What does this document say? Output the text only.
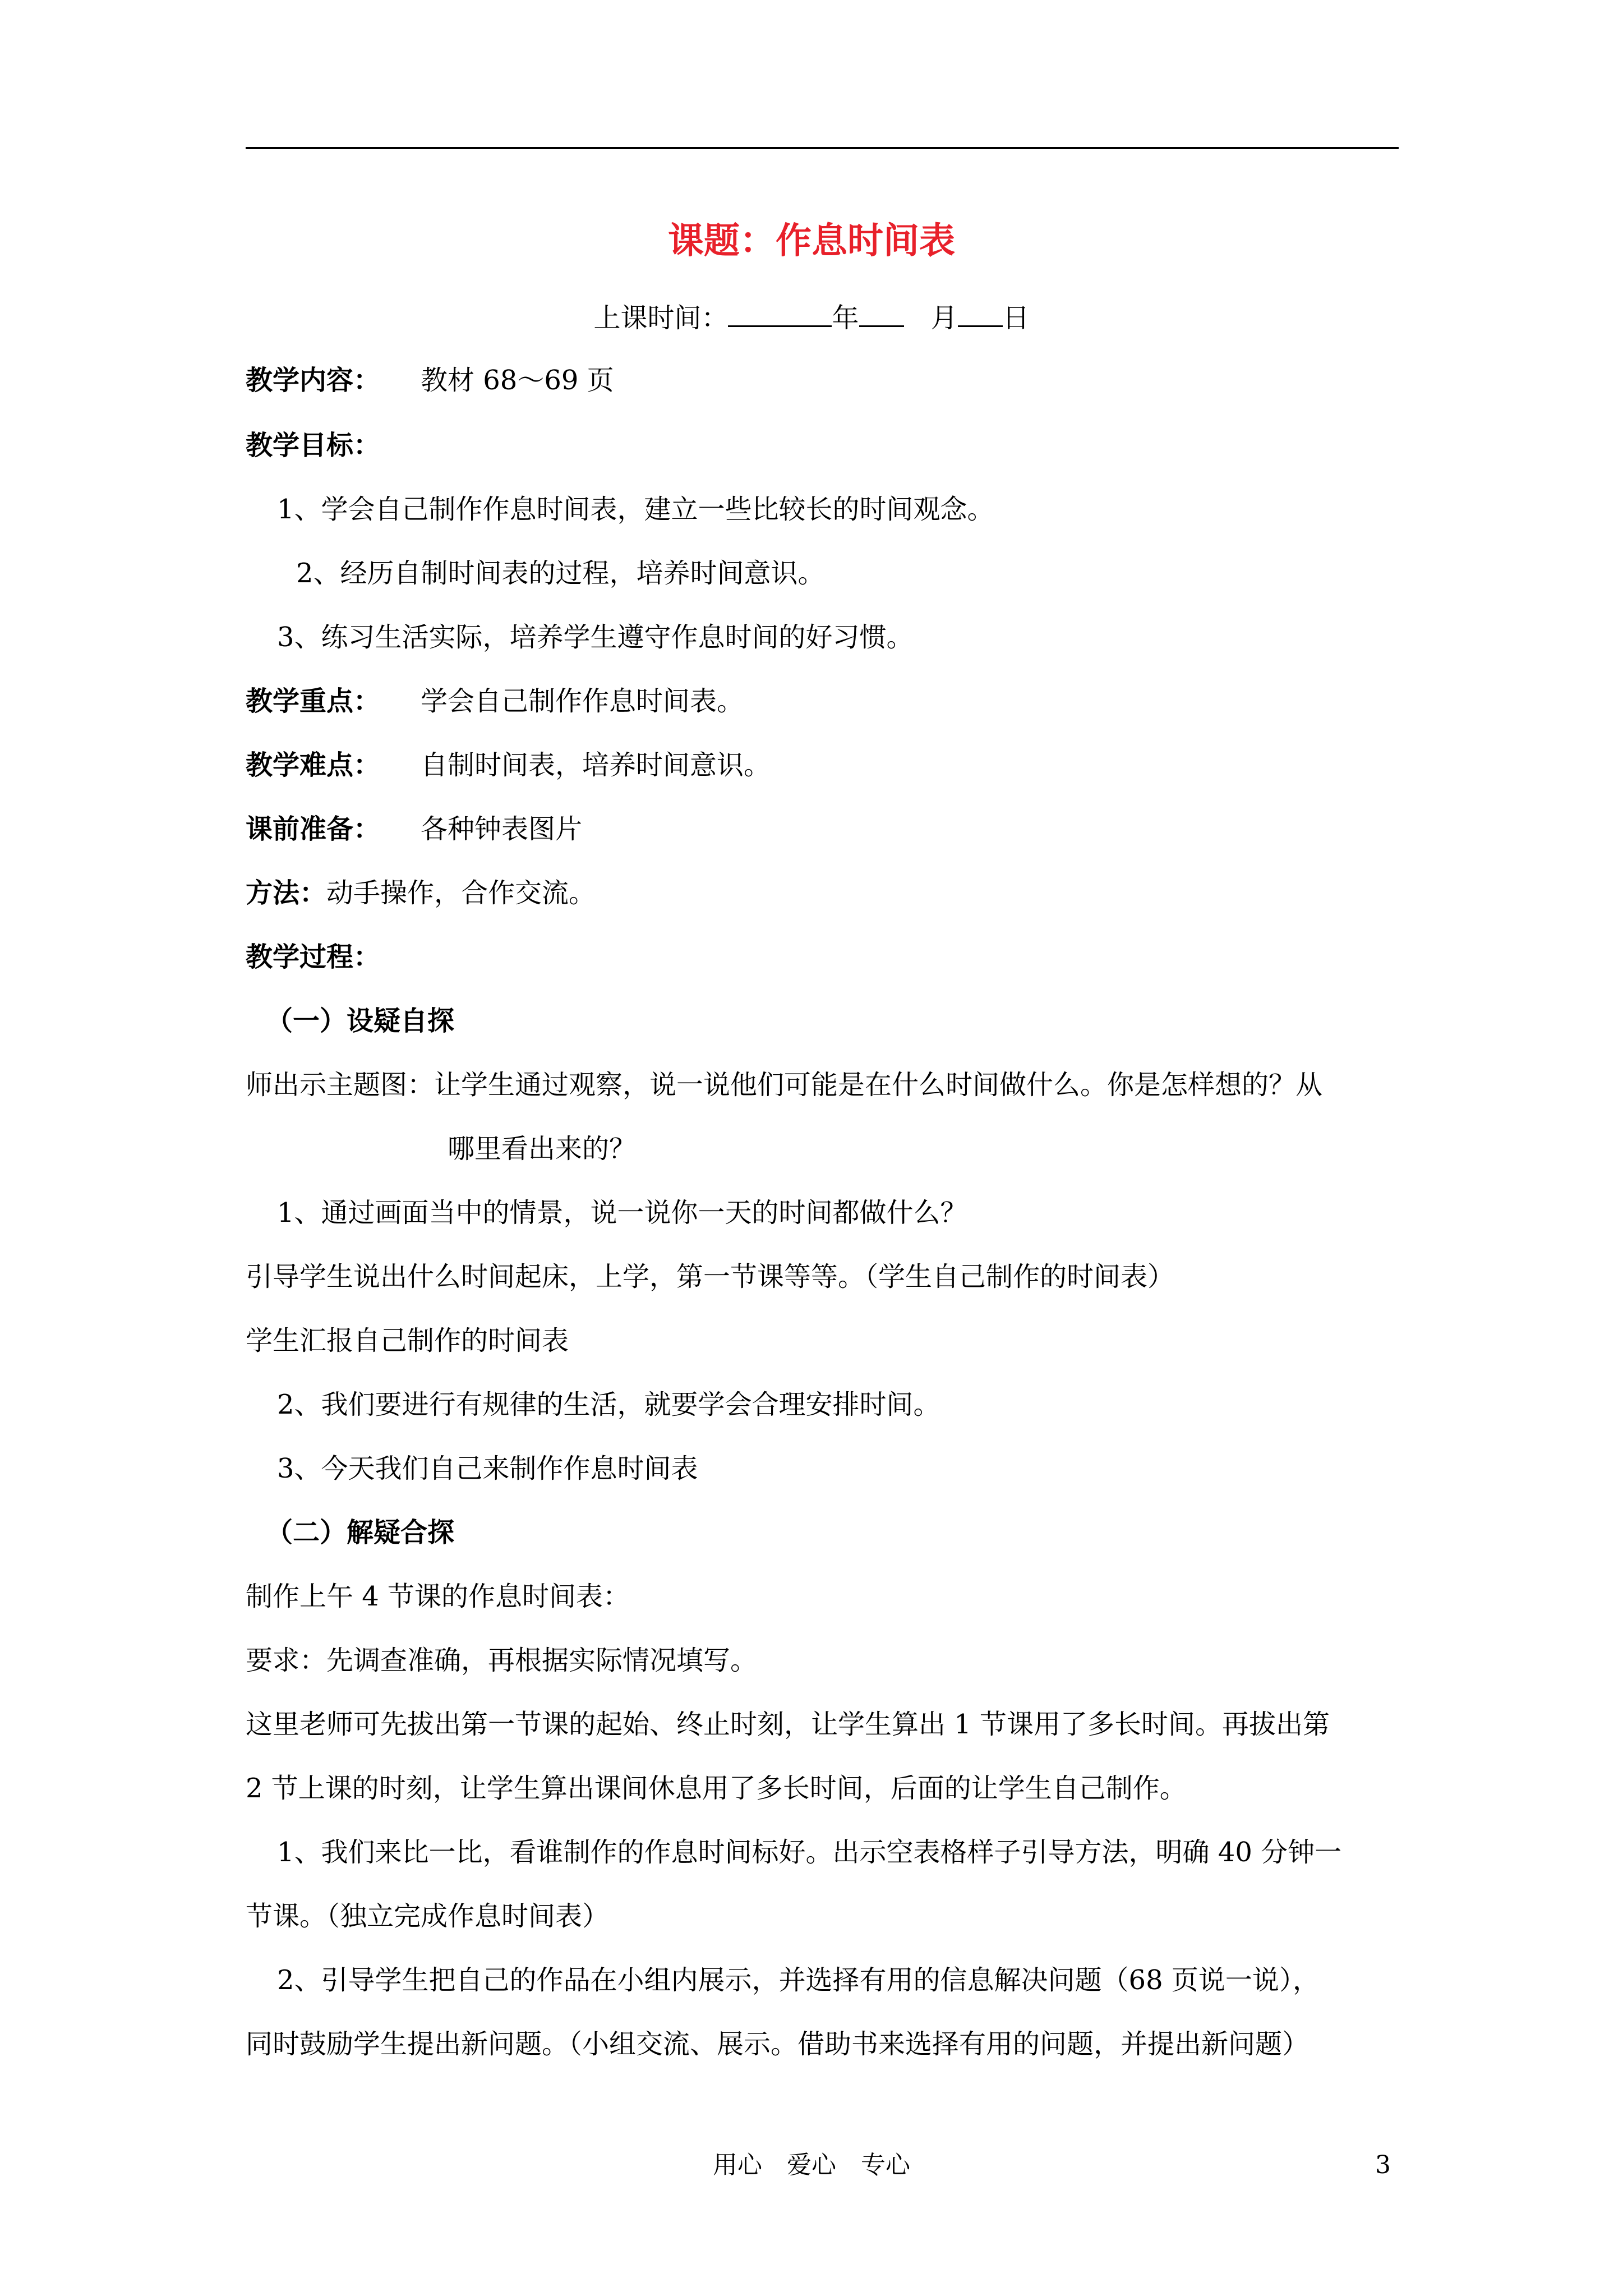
课题：作息时间表
上课时间：	年	月 日
教学内容： 教材 68～69 页
教学目标：
1、学会自己制作作息时间表，建立一些比较长的时间观念。
2、经历自制时间表的过程，培养时间意识。
3、练习生活实际，培养学生遵守作息时间的好习惯。
教学重点： 学会自己制作作息时间表。
教学难点： 自制时间表，培养时间意识。
课前准备： 各种钟表图片
方法：动手操作，合作交流。
教学过程：
（一）设疑自探
师出示主题图：让学生通过观察，说一说他们可能是在什么时间做什么。你是怎样想的？从
哪里看出来的？
1、通过画面当中的情景，说一说你一天的时间都做什么？
引导学生说出什么时间起床，上学，第一节课等等。（学生自己制作的时间表）
学生汇报自己制作的时间表
2、我们要进行有规律的生活，就要学会合理安排时间。
3、今天我们自己来制作作息时间表
（二）解疑合探
制作上午 4 节课的作息时间表：
要求：先调查准确，再根据实际情况填写。
这里老师可先拔出第一节课的起始、终止时刻，让学生算出 1 节课用了多长时间。再拔出第
2 节上课的时刻，让学生算出课间休息用了多长时间，后面的让学生自己制作。
1、我们来比一比，看谁制作的作息时间标好。出示空表格样子引导方法，明确 40 分钟一
节课。（独立完成作息时间表）
2、引导学生把自己的作品在小组内展示，并选择有用的信息解决问题（68 页说一说），
同时鼓励学生提出新问题。（小组交流、展示。借助书来选择有用的问题，并提出新问题）
用心　爱心　专心	3
